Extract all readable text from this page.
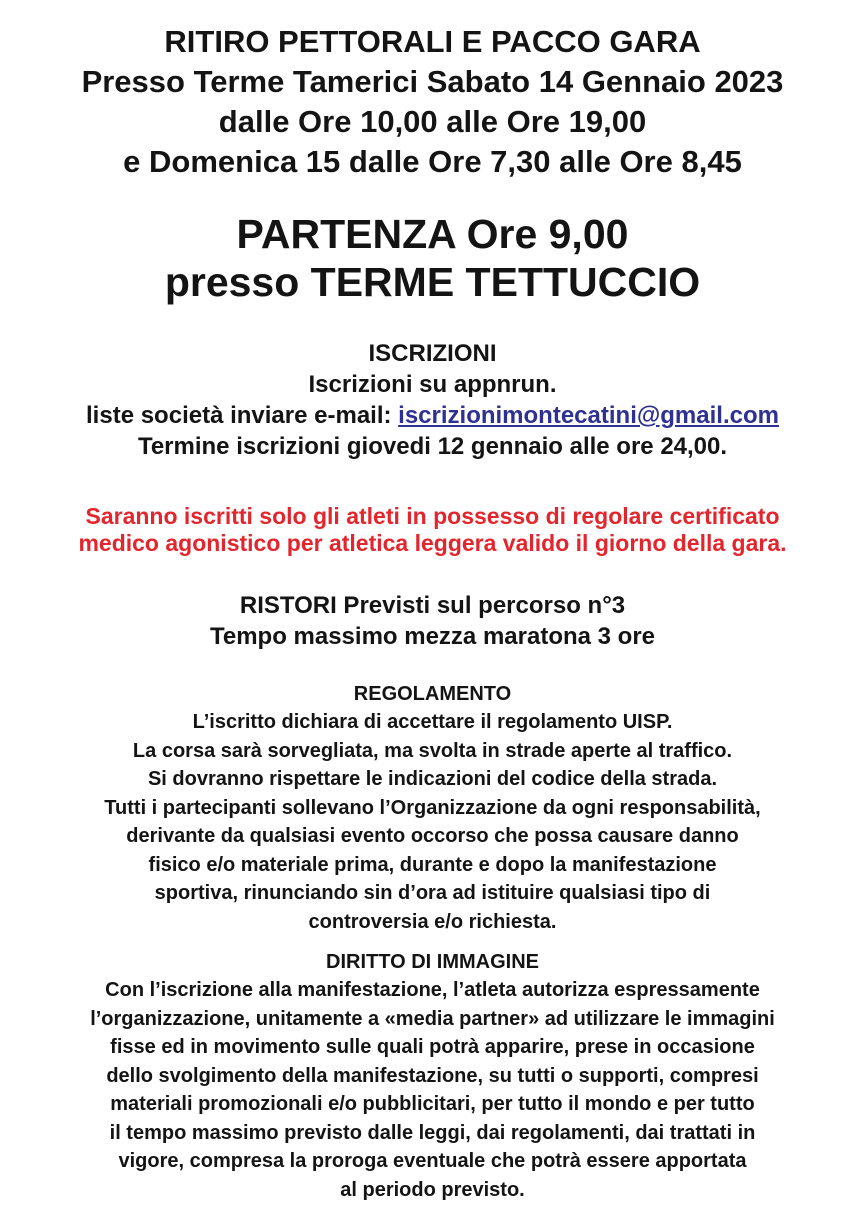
RITIRO PETTORALI E PACCO GARA
Presso Terme Tamerici Sabato 14 Gennaio 2023
dalle Ore 10,00 alle Ore 19,00
e Domenica 15 dalle Ore 7,30 alle Ore 8,45
PARTENZA Ore 9,00
presso TERME TETTUCCIO
ISCRIZIONI
Iscrizioni su appnrun.
liste società inviare e-mail: iscrizionimontecatini@gmail.com
Termine iscrizioni giovedi 12 gennaio alle ore 24,00.
Saranno iscritti solo gli atleti in possesso di regolare certificato
medico agonistico per atletica leggera valido il giorno della gara.
RISTORI Previsti sul percorso n°3
Tempo massimo mezza maratona 3 ore
REGOLAMENTO
L’iscritto dichiara di accettare il regolamento UISP.
La corsa sarà sorvegliata, ma svolta in strade aperte al traffico.
Si dovranno rispettare le indicazioni del codice della strada.
Tutti i partecipanti sollevano l’Organizzazione da ogni responsabilità,
derivante da qualsiasi evento occorso che possa causare danno
fisico e/o materiale prima, durante e dopo la manifestazione
sportiva, rinunciando sin d’ora ad istituire qualsiasi tipo di
controversia e/o richiesta.
DIRITTO DI IMMAGINE
Con l’iscrizione alla manifestazione, l’atleta autorizza espressamente
l’organizzazione, unitamente a «media partner» ad utilizzare le immagini
fisse ed in movimento sulle quali potrà apparire, prese in occasione
dello svolgimento della manifestazione, su tutti o supporti, compresi
materiali promozionali e/o pubblicitari, per tutto il mondo e per tutto
il tempo massimo previsto dalle leggi, dai regolamenti, dai trattati in
vigore, compresa la proroga eventuale che potrà essere apportata
al periodo previsto.
